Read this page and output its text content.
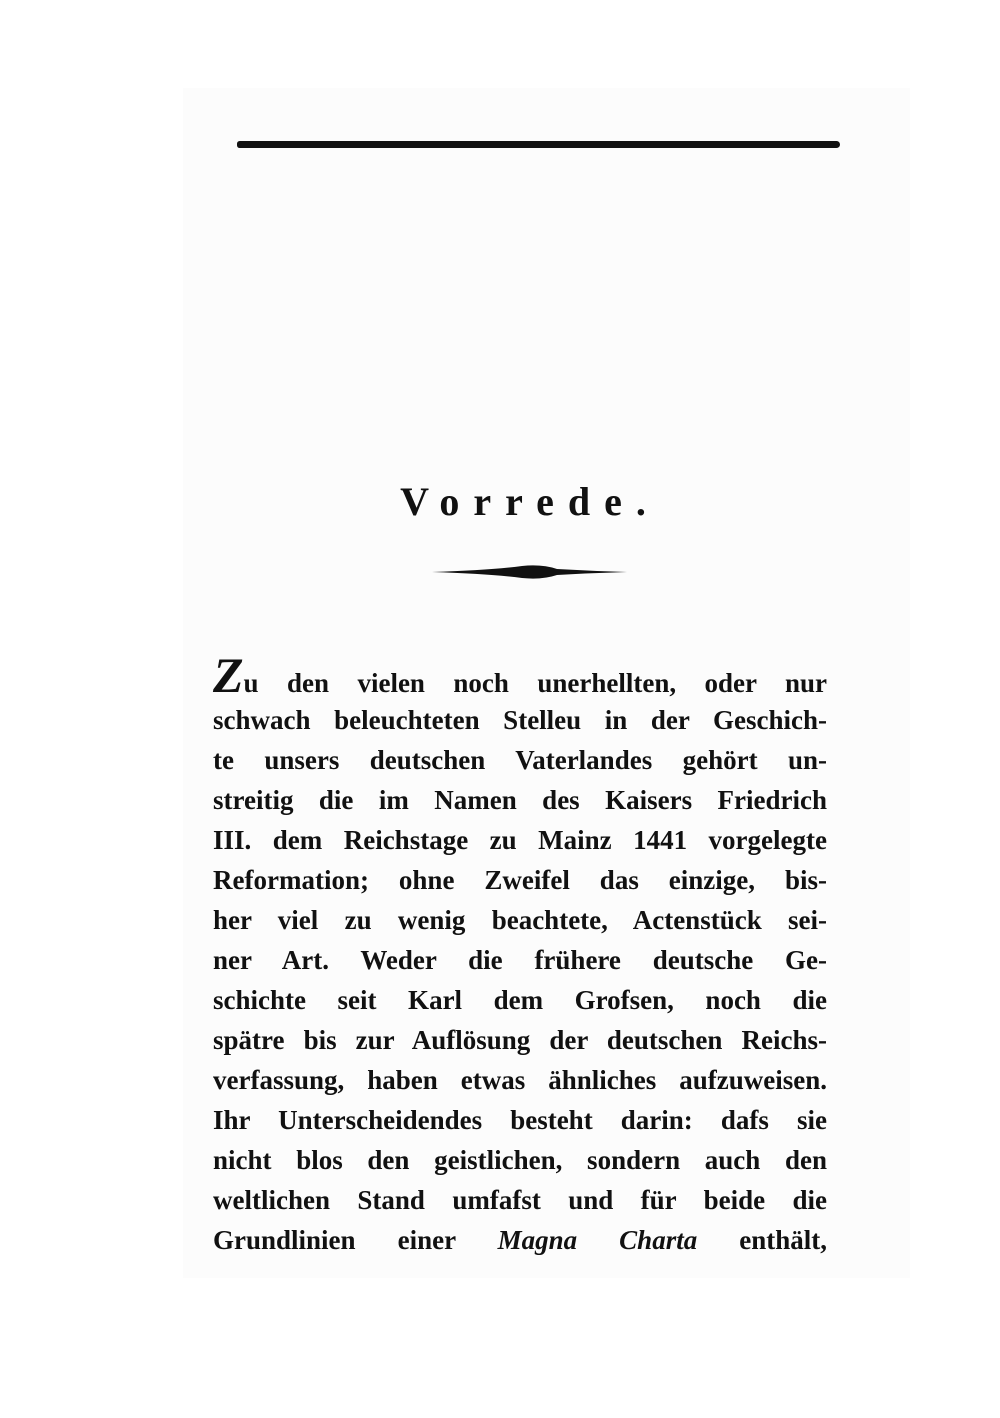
Vorrede.
Zu den vielen noch unerhellten, oder nur
schwach beleuchteten Stelleu in der Geschich-
te unsers deutschen Vaterlandes gehört un-
streitig die im Namen des Kaisers Friedrich
III. dem Reichstage zu Mainz 1441 vorgelegte
Reformation; ohne Zweifel das einzige, bis-
her viel zu wenig beachtete, Actenstück sei-
ner Art. Weder die frühere deutsche Ge-
schichte seit Karl dem Grofsen, noch die
spätre bis zur Auflösung der deutschen Reichs-
verfassung, haben etwas ähnliches aufzuweisen.
Ihr Unterscheidendes besteht darin: dafs sie
nicht blos den geistlichen, sondern auch den
weltlichen Stand umfafst und für beide die
Grundlinien einer Magna Charta enthält,
